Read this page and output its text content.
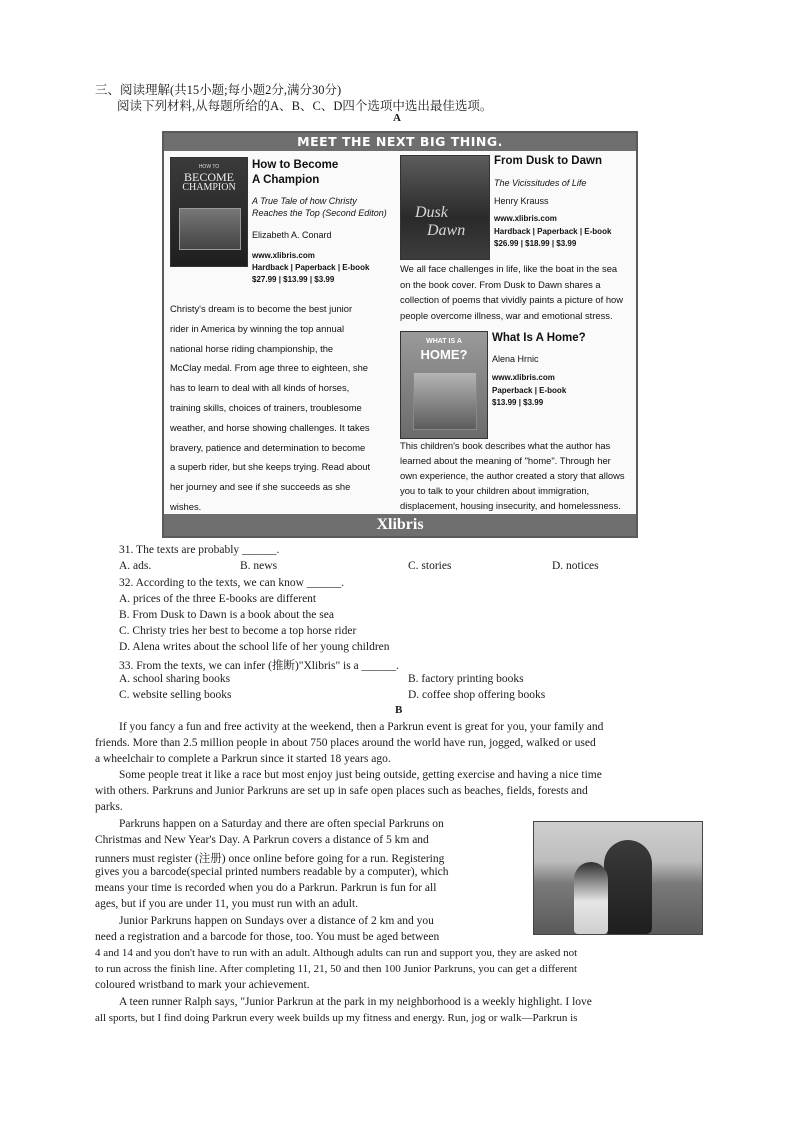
三、阅读理解(共15小题;每小题2分,满分30分)
阅读下列材料,从每题所给的A、B、C、D四个选项中选出最佳选项。
A
MEET THE NEXT BIG THING.
HOW TO
BECOME
CHAMPION
How to Become
A Champion
A True Tale of how Christy
Reaches the Top (Second Editon)
Elizabeth A. Conard
www.xlibris.com
Hardback | Paperback | E-book
$27.99 | $13.99 | $3.99
Christy's dream is to become the best junior
rider in America by winning the top annual
national horse riding championship, the
McClay medal. From age three to eighteen, she
has to learn to deal with all kinds of horses,
training skills, choices of trainers, troublesome
weather, and horse showing challenges. It takes
bravery, patience and determination to become
a superb rider, but she keeps trying. Read about
her journey and see if she succeeds as she
wishes.
Dusk
Dawn
From Dusk to Dawn
The Vicissitudes of Life
Henry Krauss
www.xlibris.com
Hardback | Paperback | E-book
$26.99 | $18.99 | $3.99
We all face challenges in life, like the boat in the sea
on the book cover. From Dusk to Dawn shares a
collection of poems that vividly paints a picture of how
people overcome illness, war and emotional stress.
WHAT IS A
HOME?
What Is A Home?
Alena Hrnic
www.xlibris.com
Paperback | E-book
$13.99 | $3.99
This children's book describes what the author has
learned about the meaning of "home". Through her
own experience, the author created a story that allows
you to talk to your children about immigration,
displacement, housing insecurity, and homelessness.
Xlibris
31. The texts are probably ______.
A. ads.	B. news	C. stories	D. notices
32. According to the texts, we can know ______.
A. prices of the three E-books are different
B. From Dusk to Dawn is a book about the sea
C. Christy tries her best to become a top horse rider
D. Alena writes about the school life of her young children
33. From the texts, we can infer (推断)"Xlibris" is a ______.
A. school sharing books	B. factory printing books
C. website selling books	D. coffee shop offering books
B
If you fancy a fun and free activity at the weekend, then a Parkrun event is great for you, your family and
friends. More than 2.5 million people in about 750 places around the world have run, jogged, walked or used
a wheelchair to complete a Parkrun since it started 18 years ago.
Some people treat it like a race but most enjoy just being outside, getting exercise and having a nice time
with others. Parkruns and Junior Parkruns are set up in safe open places such as beaches, fields, forests and
parks.
Parkruns happen on a Saturday and there are often special Parkruns on
Christmas and New Year's Day. A Parkrun covers a distance of 5 km and
runners must register (注册) once online before going for a run. Registering
gives you a barcode(special printed numbers readable by a computer), which
means your time is recorded when you do a Parkrun. Parkrun is fun for all
ages, but if you are under 11, you must run with an adult.
Junior Parkruns happen on Sundays over a distance of 2 km and you
need a registration and a barcode for those, too. You must be aged between
4 and 14 and you don't have to run with an adult. Although adults can run and support you, they are asked not
to run across the finish line. After completing 11, 21, 50 and then 100 Junior Parkruns, you can get a different
coloured wristband to mark your achievement.
A teen runner Ralph says, "Junior Parkrun at the park in my neighborhood is a weekly highlight. I love
all sports, but I find doing Parkrun every week builds up my fitness and energy. Run, jog or walk—Parkrun is
